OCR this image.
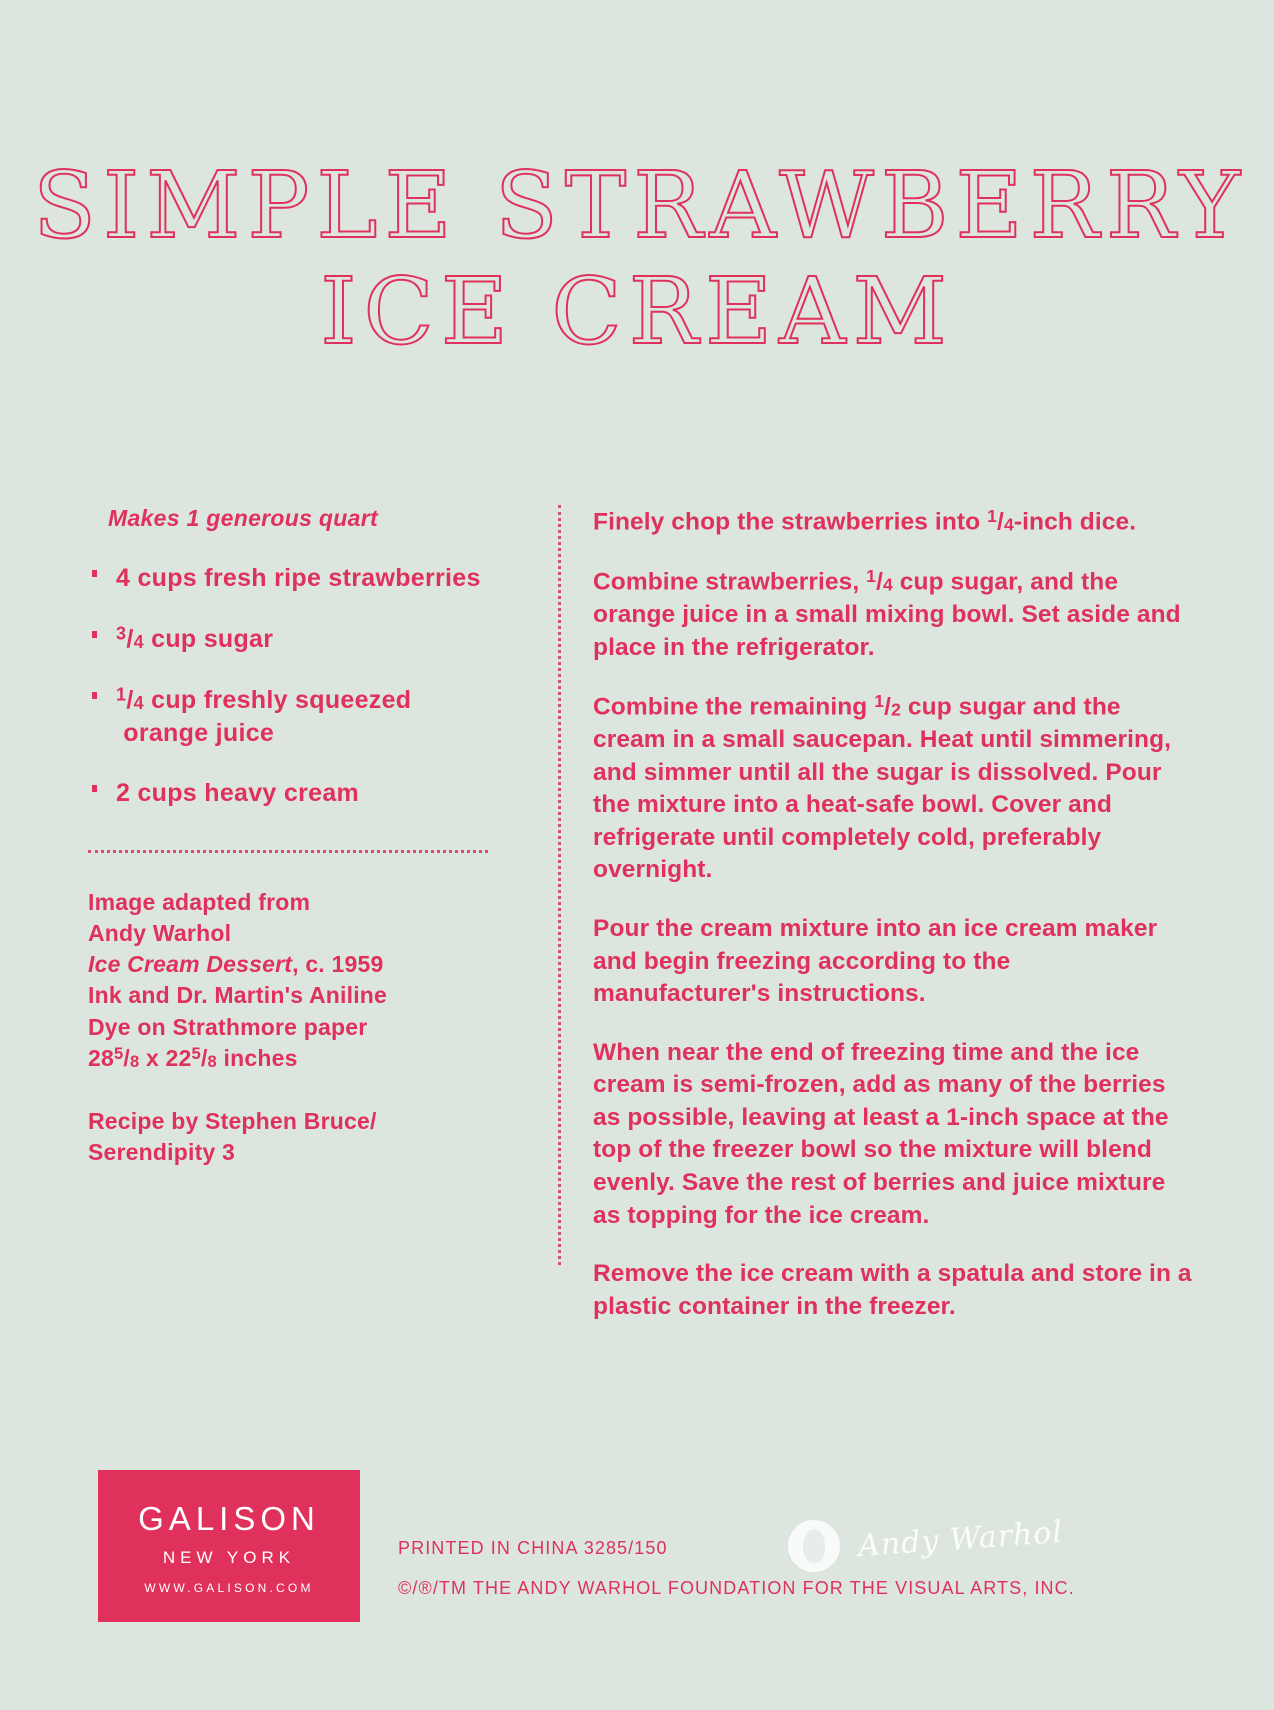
SIMPLE STRAWBERRY
ICE CREAM
Makes 1 generous quart
4 cups fresh ripe strawberries
$^3/_4$ cup sugar
$^1/_4$ cup freshly squeezed
orange juice
2 cups heavy cream
Image adapted from
Andy Warhol
Ice Cream Dessert, c. 1959
Ink and Dr. Martin's Aniline
Dye on Strathmore paper
$28^5/_8$ x $22^5/_8$ inches
Recipe by Stephen Bruce/
Serendipity 3

Finely chop the strawberries into $^1/_4$-inch dice.

Combine strawberries, $^1/_4$ cup sugar, and the orange juice in a small mixing bowl. Set aside and place in the refrigerator.

Combine the remaining $^1/_2$ cup sugar and the cream in a small saucepan. Heat until simmering, and simmer until all the sugar is dissolved. Pour the mixture into a heat-safe bowl. Cover and refrigerate until completely cold, preferably overnight.

Pour the cream mixture into an ice cream maker and begin freezing according to the manufacturer's instructions.

When near the end of freezing time and the ice cream is semi-frozen, add as many of the berries as possible, leaving at least a 1-inch space at the top of the freezer bowl so the mixture will blend evenly. Save the rest of berries and juice mixture as topping for the ice cream.

Remove the ice cream with a spatula and store in a plastic container in the freezer.

GALISON
NEW YORK
WWW.GALISON.COM
PRINTED IN CHINA 3285/150
©/®/TM THE ANDY WARHOL FOUNDATION FOR THE VISUAL ARTS, INC.
Andy Warhol
